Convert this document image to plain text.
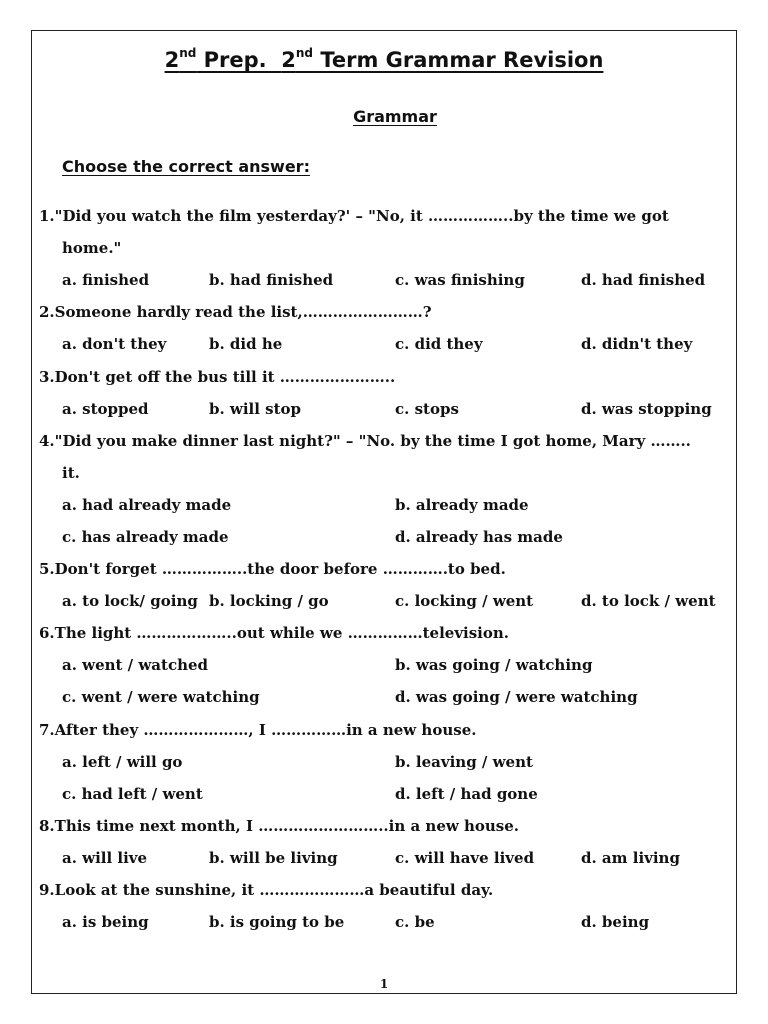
2nd Prep.  2nd Term Grammar Revision
Grammar
Choose the correct answer:
1."Did you watch the film yesterday?' – "No, it ……………..by the time we got
home."
a. finished	b. had finished	c. was finishing	d. had finished
2.Someone hardly read the list,……………………?
a. don't they	b. did he	c. did they	d. didn't they
3.Don't get off the bus till it …………………..
a. stopped	b. will stop	c. stops	d. was stopping
4."Did you make dinner last night?" – "No. by the time I got home, Mary ……..
it.
a. had already made	b. already made
c. has already made	d. already has made
5.Don't forget ……………..the door before ………….to bed.
a. to lock/ going b. locking / go	c. locking / went	d. to lock / went
6.The light ………………..out while we ……………television.
a. went / watched	b. was going / watching
c. went / were watching	d. was going / were watching
7.After they …………………, I ……………in a new house.
a. left / will go	b. leaving / went
c. had left / went	d. left / had gone
8.This time next month, I ……………………..in a new house.
a. will live	b. will be living	c. will have lived	d. am living
9.Look at the sunshine, it …………………a beautiful day.
a. is being	b. is going to be	c. be	d. being
1
